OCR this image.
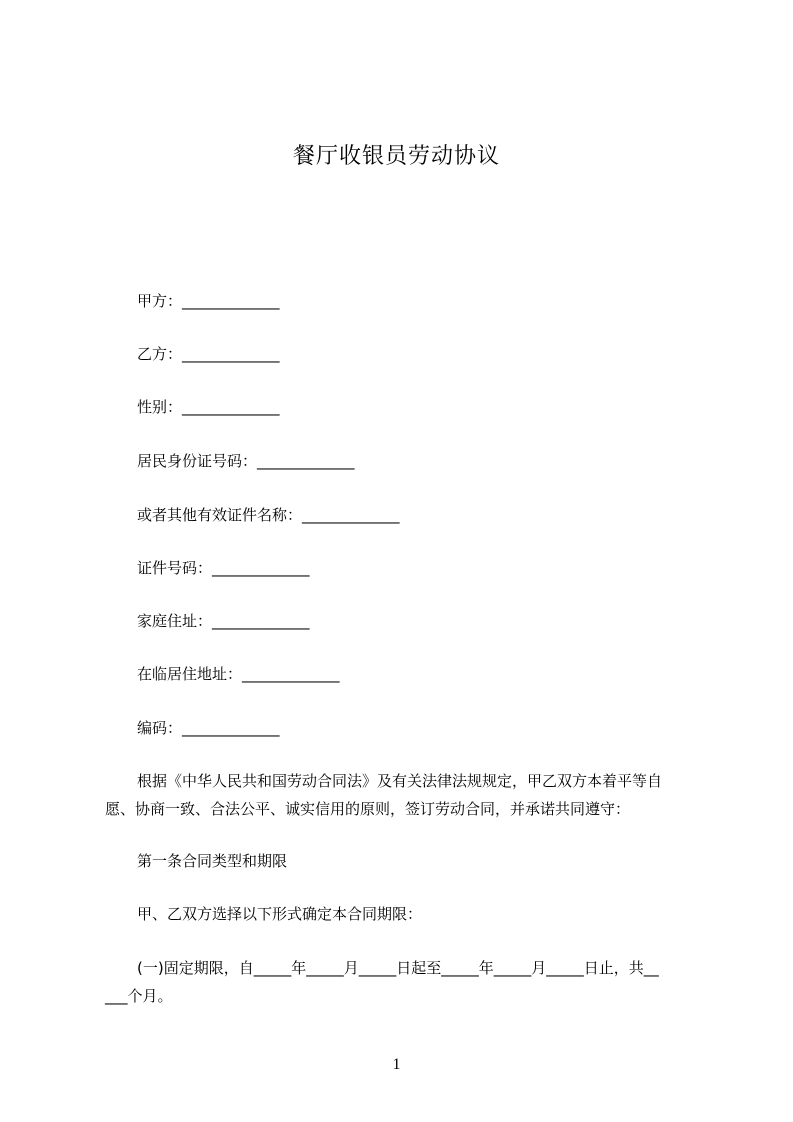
餐厅收银员劳动协议
甲方：_____________
乙方：_____________
性别：_____________
居民身份证号码：_____________
或者其他有效证件名称：_____________
证件号码：_____________
家庭住址：_____________
在临居住地址：_____________
编码：_____________
根据《中华人民共和国劳动合同法》及有关法律法规规定，甲乙双方本着平等自
愿、协商一致、合法公平、诚实信用的原则，签订劳动合同，并承诺共同遵守：
第一条合同类型和期限
甲、乙双方选择以下形式确定本合同期限：
(一)固定期限，自_____年_____月_____日起至_____年_____月_____日止，共__
___个月。
1
